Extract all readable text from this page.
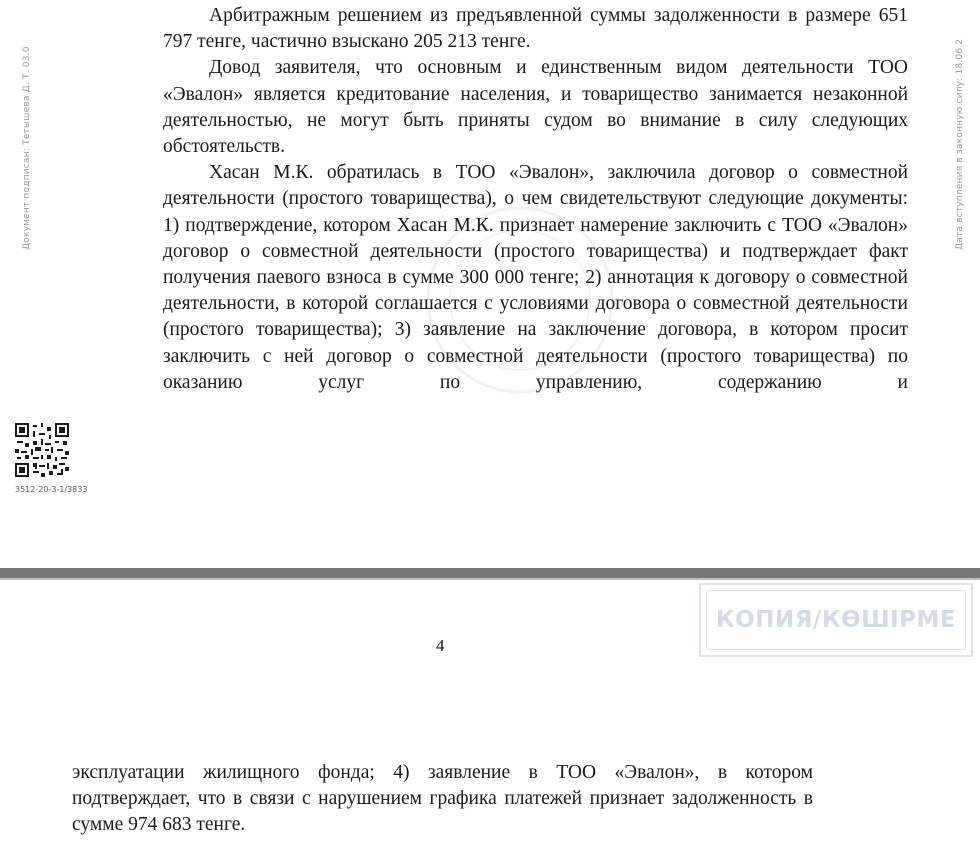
Документ подписан: Тетышева Д. Т. 03.0	Дата вступления в законную силу: 18.06.2
3512-20-3-1/3833

Арбитражным решением из предъявленной суммы задолженности в размере 651 797 тенге, частично взыскано 205 213 тенге.

Довод заявителя, что основным и единственным видом деятельности ТОО «Эвалон» является кредитование населения, и товарищество занимается незаконной деятельностью, не могут быть приняты судом во внимание в силу следующих обстоятельств.

Хасан М.К. обратилась в ТОО «Эвалон», заключила договор о совместной деятельности (простого товарищества), о чем свидетельствуют следующие документы: 1) подтверждение, котором Хасан М.К. признает намерение заключить с ТОО «Эвалон» договор о совместной деятельности (простого товарищества) и подтверждает факт получения паевого взноса в сумме 300 000 тенге; 2) аннотация к договору о совместной деятельности, в которой соглашается с условиями договора о совместной деятельности (простого товарищества); 3) заявление на заключение договора, в котором просит заключить с ней договор о совместной деятельности (простого товарищества) по оказанию услуг по управлению, содержанию и

КОПИЯ/КӨШІРМЕ
4

эксплуатации жилищного фонда; 4) заявление в ТОО «Эвалон», в котором подтверждает, что в связи с нарушением графика платежей признает задолженность в сумме 974 683 тенге.
